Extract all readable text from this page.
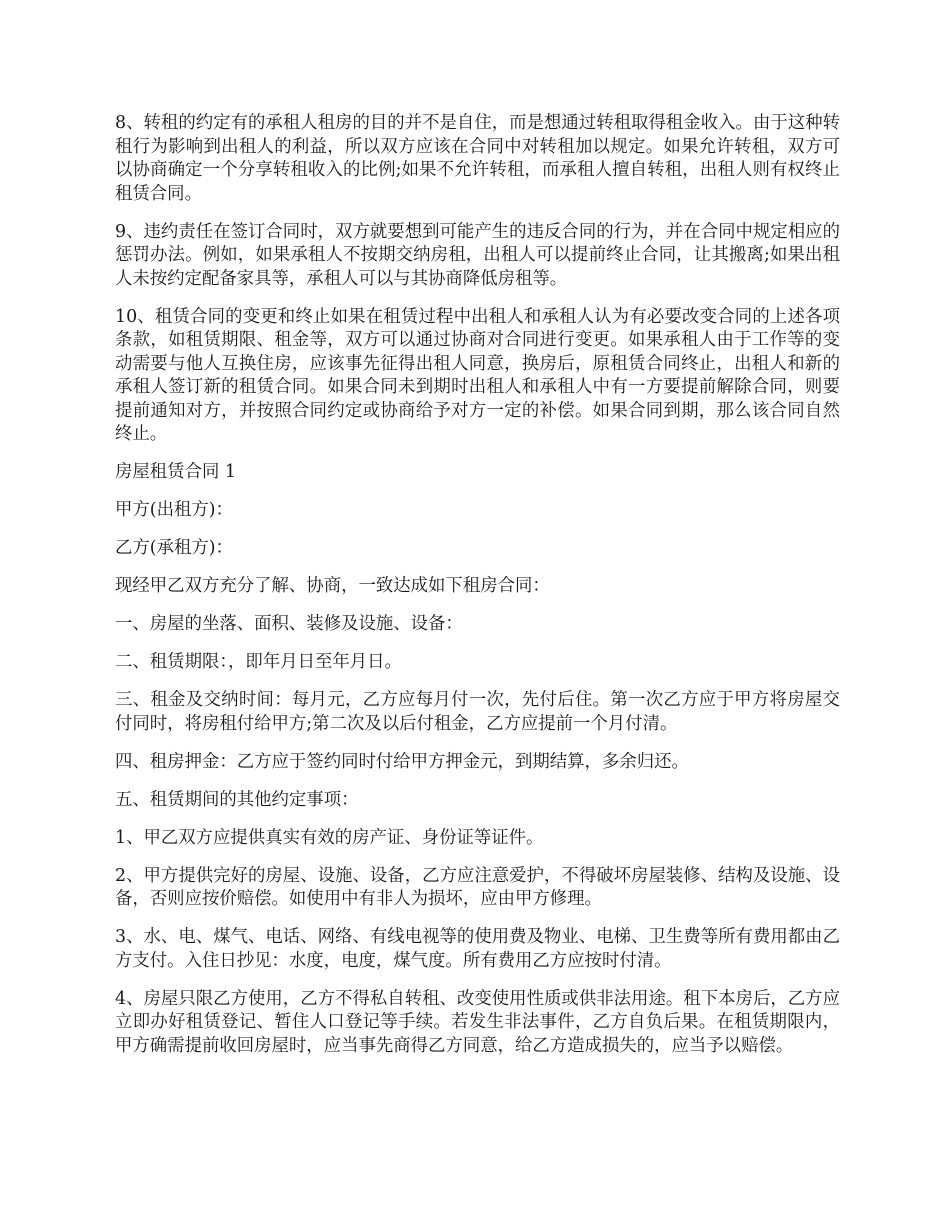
8、转租的约定有的承租人租房的目的并不是自住，而是想通过转租取得租金收入。由于这种转租行为影响到出租人的利益，所以双方应该在合同中对转租加以规定。如果允许转租，双方可以协商确定一个分享转租收入的比例;如果不允许转租，而承租人擅自转租，出租人则有权终止租赁合同。

9、违约责任在签订合同时，双方就要想到可能产生的违反合同的行为，并在合同中规定相应的惩罚办法。例如，如果承租人不按期交纳房租，出租人可以提前终止合同，让其搬离;如果出租人未按约定配备家具等，承租人可以与其协商降低房租等。

10、租赁合同的变更和终止如果在租赁过程中出租人和承租人认为有必要改变合同的上述各项条款，如租赁期限、租金等，双方可以通过协商对合同进行变更。如果承租人由于工作等的变动需要与他人互换住房，应该事先征得出租人同意，换房后，原租赁合同终止，出租人和新的承租人签订新的租赁合同。如果合同未到期时出租人和承租人中有一方要提前解除合同，则要提前通知对方，并按照合同约定或协商给予对方一定的补偿。如果合同到期，那么该合同自然终止。

房屋租赁合同 1

甲方(出租方)：

乙方(承租方)：

现经甲乙双方充分了解、协商，一致达成如下租房合同：

一、房屋的坐落、面积、装修及设施、设备：

二、租赁期限：，即年月日至年月日。

三、租金及交纳时间：每月元，乙方应每月付一次，先付后住。第一次乙方应于甲方将房屋交付同时，将房租付给甲方;第二次及以后付租金，乙方应提前一个月付清。

四、租房押金：乙方应于签约同时付给甲方押金元，到期结算，多余归还。

五、租赁期间的其他约定事项：

1、甲乙双方应提供真实有效的房产证、身份证等证件。

2、甲方提供完好的房屋、设施、设备，乙方应注意爱护，不得破坏房屋装修、结构及设施、设备，否则应按价赔偿。如使用中有非人为损坏，应由甲方修理。

3、水、电、煤气、电话、网络、有线电视等的使用费及物业、电梯、卫生费等所有费用都由乙方支付。入住日抄见：水度，电度，煤气度。所有费用乙方应按时付清。

4、房屋只限乙方使用，乙方不得私自转租、改变使用性质或供非法用途。租下本房后，乙方应立即办好租赁登记、暂住人口登记等手续。若发生非法事件，乙方自负后果。在租赁期限内，甲方确需提前收回房屋时，应当事先商得乙方同意，给乙方造成损失的，应当予以赔偿。
